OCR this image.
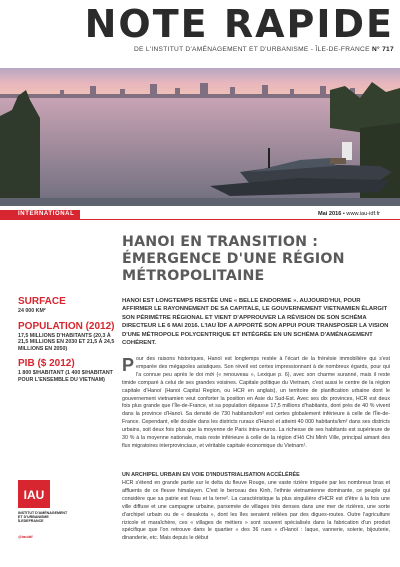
NOTE RAPIDE
DE L'INSTITUT D'AMÉNAGEMENT ET D'URBANISME - ÎLE-DE-FRANCE N° 717
INTERNATIONAL	Mai 2016 • www.iau-idf.fr
HANOI EN TRANSITION :
ÉMERGENCE D'UNE RÉGION
MÉTROPOLITAINE
HANOI EST LONGTEMPS RESTÉE UNE « BELLE ENDORMIE ». AUJOURD'HUI, POUR AFFIRMER LE RAYONNEMENT DE SA CAPITALE, LE GOUVERNEMENT VIETNAMIEN ÉLARGIT SON PÉRIMÈTRE RÉGIONAL ET VIENT D'APPROUVER LA RÉVISION DE SON SCHÉMA DIRECTEUR LE 6 MAI 2016. L'IAU ÎDF A APPORTÉ SON APPUI POUR TRANSPOSER LA VISION D'UNE MÉTROPOLE POLYCENTRIQUE ET INTÉGRÉE EN UN SCHÉMA D'AMÉNAGEMENT COHÉRENT.
SURFACE
24 000 KM²
POPULATION (2012)
17,5 MILLIONS D'HABITANTS (20,3 À 21,5 MILLIONS EN 2030 ET 21,5 À 24,5 MILLIONS EN 2050)
PIB ($ 2012)
1 800 $/HABITANT (1 400 $/HABITANT POUR L'ENSEMBLE DU VIETNAM)
Pour des raisons historiques, Hanoï est longtemps restée à l'écart de la frénésie immobilière qui s'est emparée des mégapoles asiatiques. Son réveil est certes impressionnant à de nombreux égards, pour qui l'a connue peu après le doi mới (« renouveau », Lexique p. 6), avec son charme suranné, mais il reste timide comparé à celui de ses grandes voisines. Capitale politique du Vietnam, c'est aussi le centre de la région capitale d'Hanoï (Hanoi Capital Region, ou HCR en anglais), un territoire de planification urbaine dont le gouvernement vietnamien veut conforter la position en Asie du Sud-Est. Avec ses dix provinces, HCR est deux fois plus grande que l'Île-de-France, et sa population dépasse 17,5 millions d'habitants, dont près de 40 % vivent dans la province d'Hanoï. Sa densité de 730 habitants/km² est certes globalement inférieure à celle de l'Île-de-France. Cependant, elle double dans les districts ruraux d'Hanoï et atteint 40 000 habitants/km² dans ses districts urbains, soit deux fois plus que la moyenne de Paris intra-muros. La richesse de ses habitants est supérieure de 30 % à la moyenne nationale, mais reste inférieure à celle de la région d'Hô Chi Minh Ville, principal aimant des flux migratoires interprovinciaux, et véritable capitale économique du Vietnam¹.
UN ARCHIPEL URBAIN EN VOIE D'INDUSTRIALISATION ACCÉLÉRÉE
HCR s'étend en grande partie sur le delta du fleuve Rouge, une vaste rizière irriguée par les nombreux bras et affluents de ce fleuve himalayen. C'est le berceau des Kinh, l'ethnie vietnamienne dominante, ce peuple qui considère que sa patrie est l'eau et la terre². La caractéristique la plus singulière d'HCR est d'être à la fois une ville diffuse et une campagne urbaine, parsemée de villages très denses dans une mer de rizières, une sorte d'archipel urbain ou de « desakota », dont les îles seraient reliées par des digues-routes. Outre l'agriculture rizicole et maraîchère, ces « villages de métiers » sont souvent spécialisés dans la fabrication d'un produit spécifique que l'on retrouve dans le quartier « des 36 rues » d'Hanoï : laque, vannerie, soierie, bijouterie, dinanderie, etc. Mais depuis le début
IAU
INSTITUT D'AMÉNAGEMENT ET D'URBANISME ÎLEDEFRANCE
@iauidf
